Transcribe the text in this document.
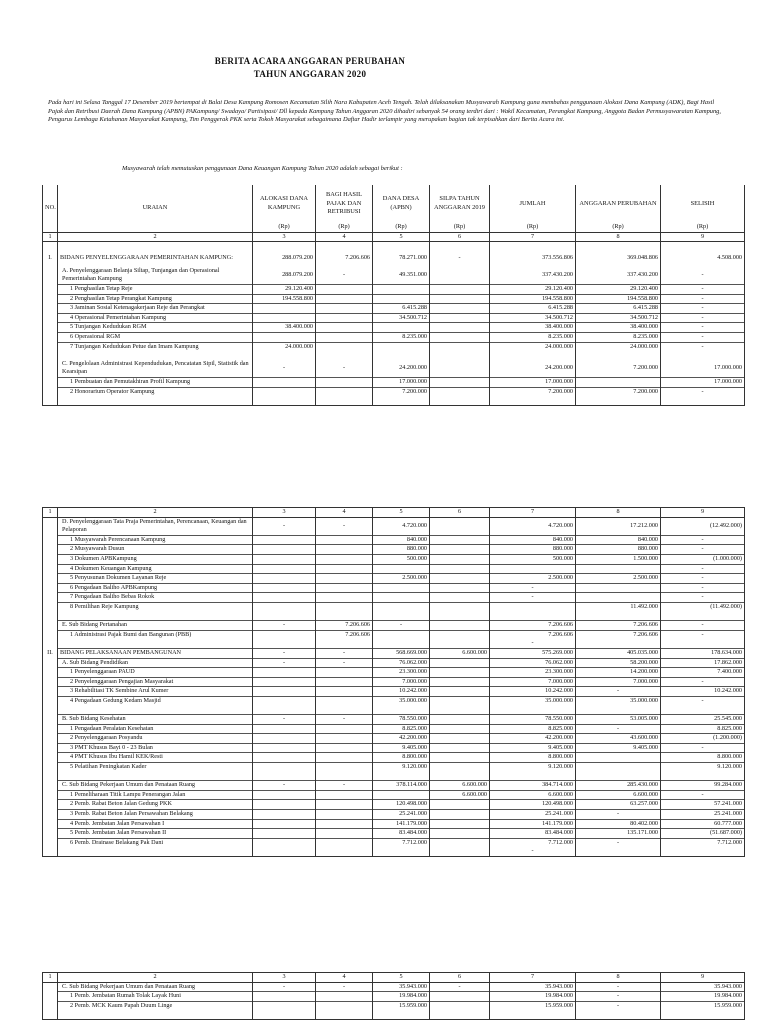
BERITA ACARA ANGGARAN PERUBAHAN
TAHUN ANGGARAN 2020
Pada hari ini Selasa Tanggal 17 Desember 2019 bertempat di Balai Desa Kampung Romosen Kecamatan Silih Nara Kabupaten Aceh Tengah. Telah dilaksanakan Musyawarah Kampung guna membahas penggunaan Alokasi Dana Kampung (ADK), Bagi Hasil Pajak dan Retribusi Daerah Dana Kampung (APBN) PAKampung/ Swadaya/ Partisipasi/ Dll kepada Kampung Tahun Anggaran 2020 dihadiri sebanyak 54 orang terdiri dari : Wakil Kecamatan, Perangkat Kampung, Anggota Badan Permusyawaratan Kampung, Pengurus Lembaga Ketahanan Masyarakat Kampung, Tim Penggerak PKK serta Tokoh Masyarakat sebagaimana Daftar Hadir terlampir yang merupakan bagian tak terpisahkan dari Berita Acara ini.
Musyawarah telah memutuskan penggunaan Dana Keuangan Kampung Tahun 2020 adalah sebagai berikut :
NO.	URAIAN	ALOKASI DANA KAMPUNG	BAGI HASIL PAJAK DAN RETRIBUSI	DANA DESA (APBN)	SILPA TAHUN ANGGARAN 2019	JUMLAH	ANGGARAN PERUBAHAN	SELISIH
		(Rp)	(Rp)	(Rp)	(Rp)	(Rp)	(Rp)	(Rp)
1	2	3	4	5	6	7	8	9

I.	BIDANG PENYELENGGARAAN PEMERINTAHAN KAMPUNG:	288.079.200	7.206.606	78.271.000	-	373.556.806	369.048.806	4.508.000
	A. Penyelenggaraan Belanja Siltap, Tunjangan dan Operasional Pemerintahan Kampung	288.079.200	-	49.351.000		337.430.200	337.430.200	-
	1 Penghasilan Tetap Reje	29.120.400				29.120.400	29.120.400	-
	2 Penghasilan Tetap Perangkat Kampung	194.558.800				194.558.800	194.558.800	-
	3 Jaminan Sosial Ketenagakerjaan Reje dan Perangkat			6.415.288		6.415.288	6.415.288	-
	4 Operasional Pemerintahan Kampung			34.500.712		34.500.712	34.500.712	-
	5 Tunjangan Kedudukan RGM	38.400.000				38.400.000	38.400.000	-
	6 Operasional RGM			8.235.000		8.235.000	8.235.000	-
	7 Tunjangan Kedudukan Petue dan Imam Kampung	24.000.000				24.000.000	24.000.000	-

	C. Pengelolaan Administrasi Kependudukan, Pencatatan Sipil, Statistik dan Kearsipan	-	-	24.200.000		24.200.000	7.200.000	17.000.000
	1 Pembuatan dan Pemutakhiran Profil Kampung			17.000.000		17.000.000		17.000.000
	2 Honorarium Operator Kampung			7.200.000		7.200.000	7.200.000	-

1	2	3	4	5	6	7	8	9
	D. Penyelenggaraan Tata Praja Pemerintahan, Perencanaan, Keuangan dan Pelaporan	-	-	4.720.000		4.720.000	17.212.000	(12.492.000)
	1 Musyawarah Perencanaan Kampung			840.000		840.000	840.000	-
	2 Musyawarah Dusun			880.000		880.000	880.000	-
	3 Dokumen APBKampung			500.000		500.000	1.500.000	(1.000.000)
	4 Dokumen Keuangan Kampung							-
	5 Penyusunan Dokumen Layanan Reje			2.500.000		2.500.000	2.500.000	-
	6 Pengadaan Baliho APBKampung					-		-
	7 Pengadaan Baliho Bebas Rokok					-		-
	8 Pemilihan Reje Kampung						11.492.000	(11.492.000)

	E. Sub Bidang Pertanahan	-	7.206.606	-		7.206.606	7.206.606	-
	1 Administrasi Pajak Bumi dan Bangunan (PBB)		7.206.606			7.206.606	7.206.606	-
						-		
II.	BIDANG PELAKSANAAN PEMBANGUNAN	-	-	568.669.000	6.600.000	575.269.000	405.035.000	178.634.000
	A. Sub Bidang Pendidikan	-	-	76.062.000		76.062.000	58.200.000	17.862.000
	1 Penyelenggaraan PAUD			23.300.000		23.300.000	14.200.000	7.400.000
	2 Penyelenggaraan Pengajian Masyarakat			7.000.000		7.000.000	7.000.000	-
	3 Rehabilitasi TK Sembine Arul Kumer			10.242.000		10.242.000	-	10.242.000
	4 Pengadaan Gedung Kedam Masjid			35.000.000		35.000.000	35.000.000	-

	B. Sub Bidang Kesehatan	-	-	78.550.000		78.550.000	53.005.000	25.545.000
	1 Pengadaan Peralatan Kesehatan			8.825.000		8.825.000	-	8.825.000
	2 Penyelenggaraan Posyandu			42.200.000		42.200.000	43.600.000	(1.200.000)
	3 PMT Khusus Bayi 0 - 23 Bulan			9.405.000		9.405.000	9.405.000	-
	4 PMT Khusus Ibu Hamil KEK/Resti			8.800.000		8.800.000		8.800.000
	5 Pelatihan Peningkatan Kader			9.120.000		9.120.000		9.120.000

	C. Sub Bidang Pekerjaan Umum dan Penataan Ruang	-	-	378.114.000	6.600.000	384.714.000	285.430.000	99.284.000
	1 Pemeliharaan Titik Lampu Penerangan Jalan				6.600.000	6.600.000	6.600.000	-
	2 Pemb. Rabat Beton Jalan Gedung PKK			120.498.000		120.498.000	63.257.000	57.241.000
	3 Pemb. Rabat Beton Jalan Persawahan Belakang			25.241.000		25.241.000	-	25.241.000
	4 Pemb. Jembatan Jalan Persawahan I			141.179.000		141.179.000	80.402.000	60.777.000
	5 Pemb. Jembatan Jalan Persawahan II			83.484.000		83.484.000	135.171.000	(51.687.000)
	6 Pemb. Drainase Belakang Pak Dani			7.712.000		7.712.000	-	7.712.000
						-		
1	2	3	4	5	6	7	8	9
	C. Sub Bidang Pekerjaan Umum dan Penataan Ruang	-	-	35.943.000	-	35.943.000	-	35.943.000
	1 Pemb. Jembatan Rumah Tolak Layak Huni			19.984.000		19.984.000	-	19.984.000
	2 Pemb. MCK Kaum Papah Duum Linge			15.959.000		15.959.000	-	15.959.000
